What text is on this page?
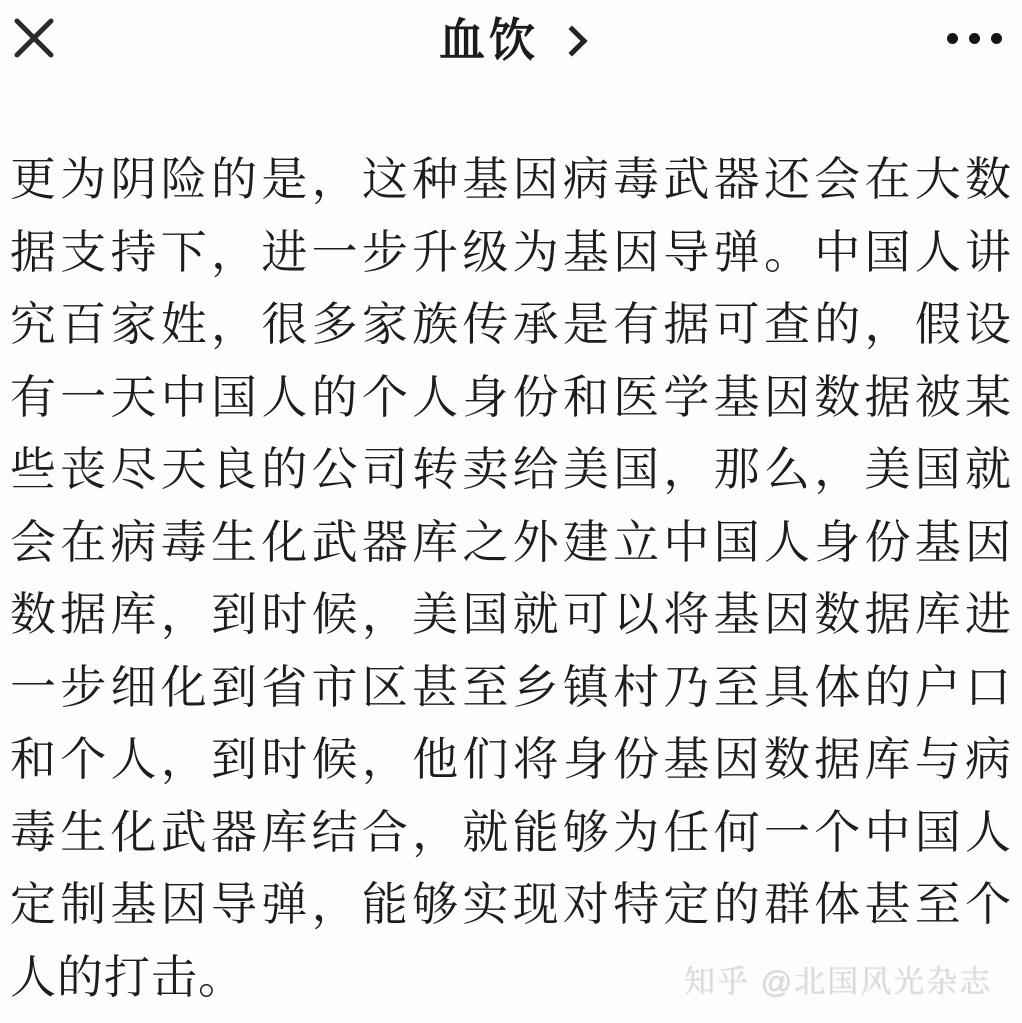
血饮
更为阴险的是，这种基因病毒武器还会在大数
据支持下，进一步升级为基因导弹。中国人讲
究百家姓，很多家族传承是有据可查的，假设
有一天中国人的个人身份和医学基因数据被某
些丧尽天良的公司转卖给美国，那么，美国就
会在病毒生化武器库之外建立中国人身份基因
数据库，到时候，美国就可以将基因数据库进
一步细化到省市区甚至乡镇村乃至具体的户口
和个人，到时候，他们将身份基因数据库与病
毒生化武器库结合，就能够为任何一个中国人
定制基因导弹，能够实现对特定的群体甚至个
人的打击。	知乎 @北国风光杂志
